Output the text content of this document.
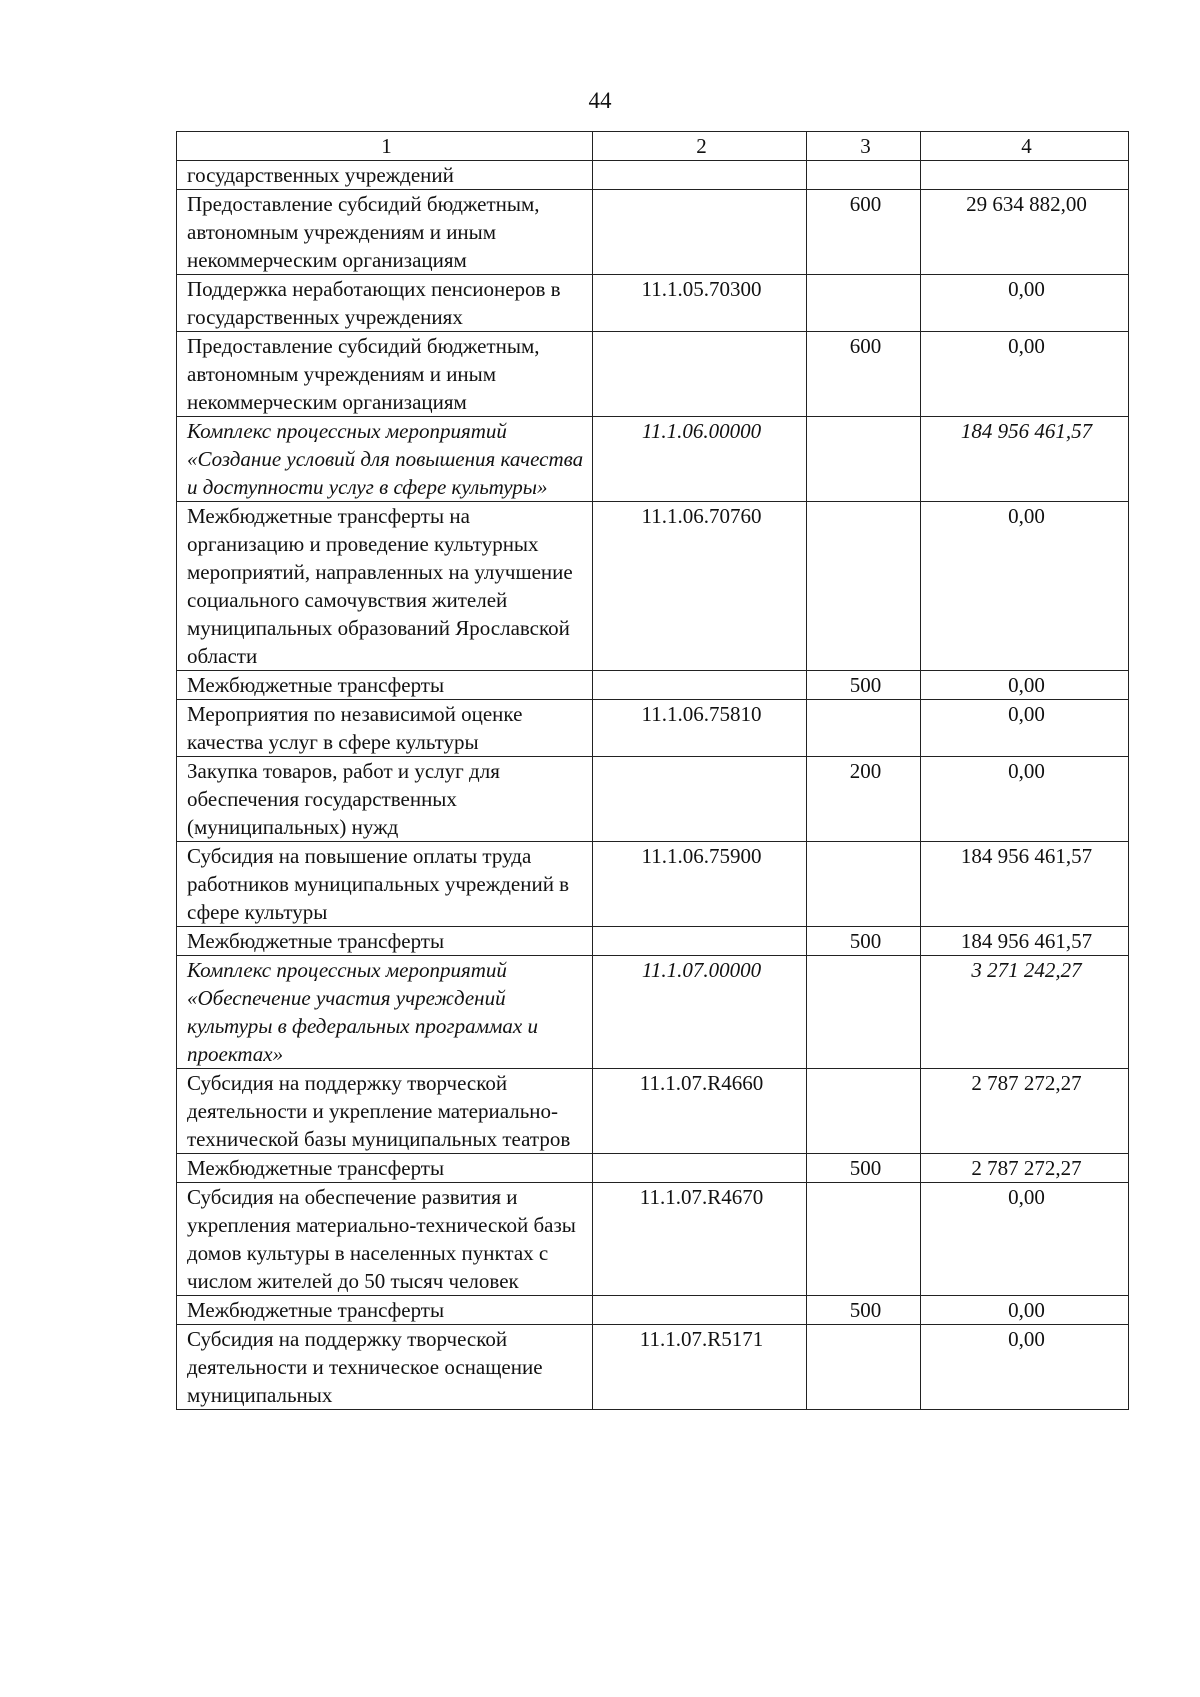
44
1	2	3	4
государственных учреждений			
Предоставление субсидий бюджетным, автономным учреждениям и иным некоммерческим организациям		600	29 634 882,00
Поддержка неработающих пенсионеров в государственных учреждениях	11.1.05.70300		0,00
Предоставление субсидий бюджетным, автономным учреждениям и иным некоммерческим организациям		600	0,00
Комплекс процессных мероприятий «Создание условий для повышения качества и доступности услуг в сфере культуры»	11.1.06.00000		184 956 461,57
Межбюджетные трансферты на организацию и проведение культурных мероприятий, направленных на улучшение социального самочувствия жителей муниципальных образований Ярославской области	11.1.06.70760		0,00
Межбюджетные трансферты		500	0,00
Мероприятия по независимой оценке качества услуг в сфере культуры	11.1.06.75810		0,00
Закупка товаров, работ и услуг для обеспечения государственных (муниципальных) нужд		200	0,00
Субсидия на повышение оплаты труда работников муниципальных учреждений в сфере культуры	11.1.06.75900		184 956 461,57
Межбюджетные трансферты		500	184 956 461,57
Комплекс процессных мероприятий «Обеспечение участия учреждений культуры в федеральных программах и проектах»	11.1.07.00000		3 271 242,27
Субсидия на поддержку творческой деятельности и укрепление материально-технической базы муниципальных театров	11.1.07.R4660		2 787 272,27
Межбюджетные трансферты		500	2 787 272,27
Субсидия на обеспечение развития и укрепления материально-технической базы домов культуры в населенных пунктах с числом жителей до 50 тысяч человек	11.1.07.R4670		0,00
Межбюджетные трансферты		500	0,00
Субсидия на поддержку творческой деятельности и техническое оснащение муниципальных	11.1.07.R5171		0,00
